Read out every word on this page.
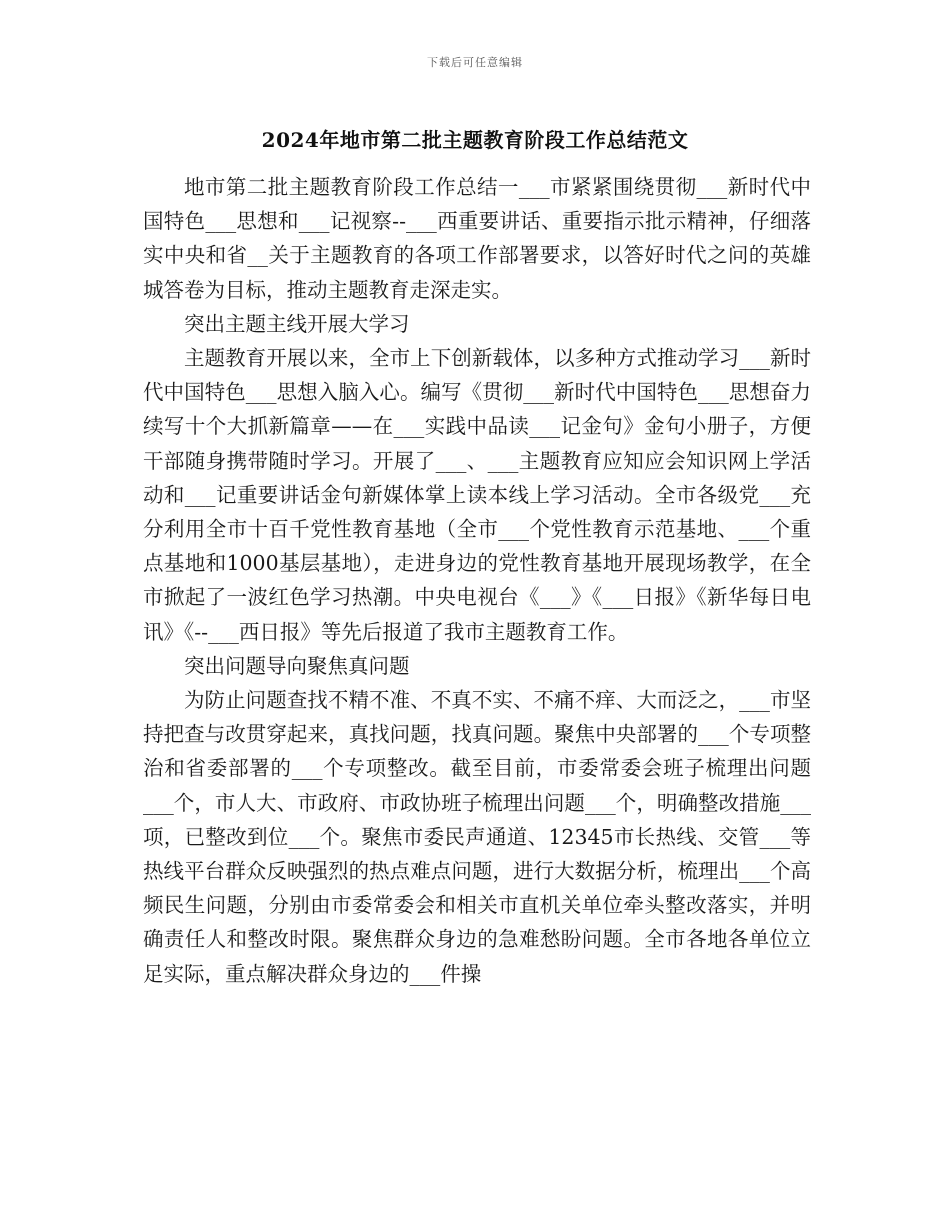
下载后可任意编辑
2024年地市第二批主题教育阶段工作总结范文

地市第二批主题教育阶段工作总结一___市紧紧围绕贯彻___新时代中国特色___思想和___记视察--___西重要讲话、重要指示批示精神，仔细落实中央和省__关于主题教育的各项工作部署要求，以答好时代之问的英雄城答卷为目标，推动主题教育走深走实。

突出主题主线开展大学习

主题教育开展以来，全市上下创新载体，以多种方式推动学习___新时代中国特色___思想入脑入心。编写《贯彻___新时代中国特色___思想奋力续写十个大抓新篇章——在___实践中品读___记金句》金句小册子，方便干部随身携带随时学习。开展了___、___主题教育应知应会知识网上学活动和___记重要讲话金句新媒体掌上读本线上学习活动。全市各级党___充分利用全市十百千党性教育基地（全市___个党性教育示范基地、___个重点基地和1000基层基地），走进身边的党性教育基地开展现场教学，在全市掀起了一波红色学习热潮。中央电视台《___》《___日报》《新华每日电讯》《--___西日报》等先后报道了我市主题教育工作。

突出问题导向聚焦真问题

为防止问题查找不精不准、不真不实、不痛不痒、大而泛之，___市坚持把查与改贯穿起来，真找问题，找真问题。聚焦中央部署的___个专项整治和省委部署的___个专项整改。截至目前，市委常委会班子梳理出问题___个，市人大、市政府、市政协班子梳理出问题___个，明确整改措施___项，已整改到位___个。聚焦市委民声通道、12345市长热线、交管___等热线平台群众反映强烈的热点难点问题，进行大数据分析，梳理出___个高频民生问题，分别由市委常委会和相关市直机关单位牵头整改落实，并明确责任人和整改时限。聚焦群众身边的急难愁盼问题。全市各地各单位立足实际，重点解决群众身边的___件操
